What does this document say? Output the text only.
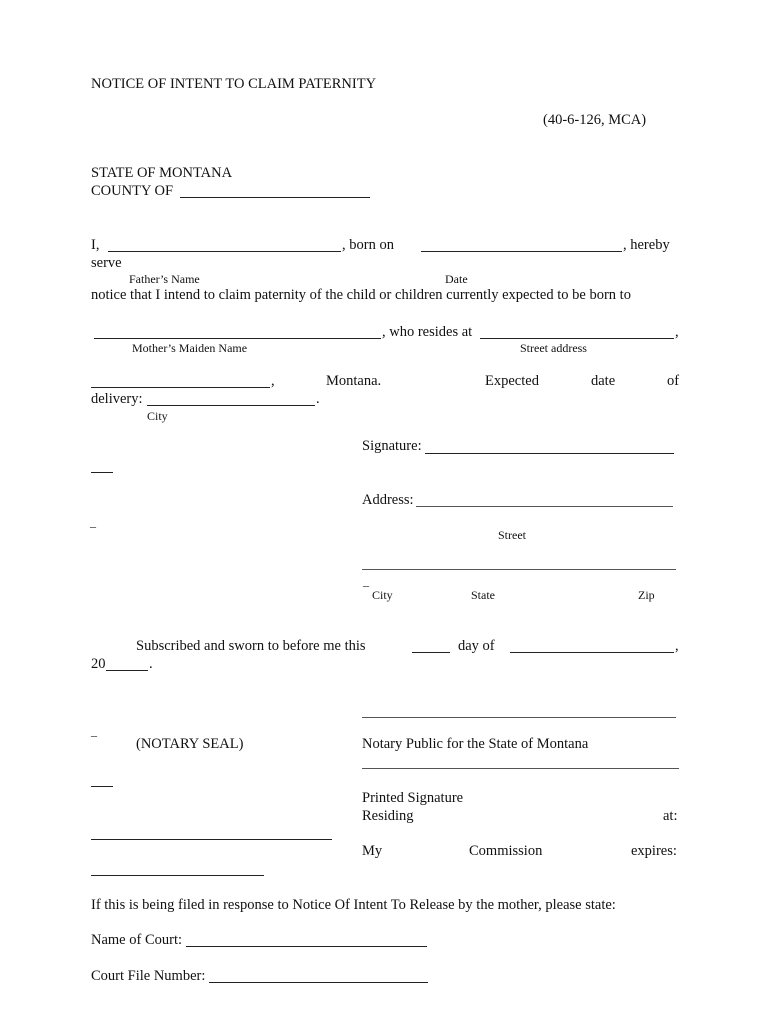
NOTICE OF INTENT TO CLAIM PATERNITY
(40-6-126, MCA)
STATE OF MONTANA
COUNTY OF
I,	, born on	, hereby
serve
Father’s Name	Date
notice that I intend to claim paternity of the child or children currently expected to be born to
, who resides at	,
Mother’s Maiden Name	Street address
,	Montana.	Expected	date	of
delivery:	.
City
Signature:
Address:
_
Street
_
City	State	Zip
Subscribed and sworn to before me this	day of	,
20	.
_
(NOTARY SEAL)	Notary Public for the State of Montana
Printed Signature
Residing	at:
My	Commission	expires:
If this is being filed in response to Notice Of Intent To Release by the mother, please state:
Name of Court:
Court File Number:
